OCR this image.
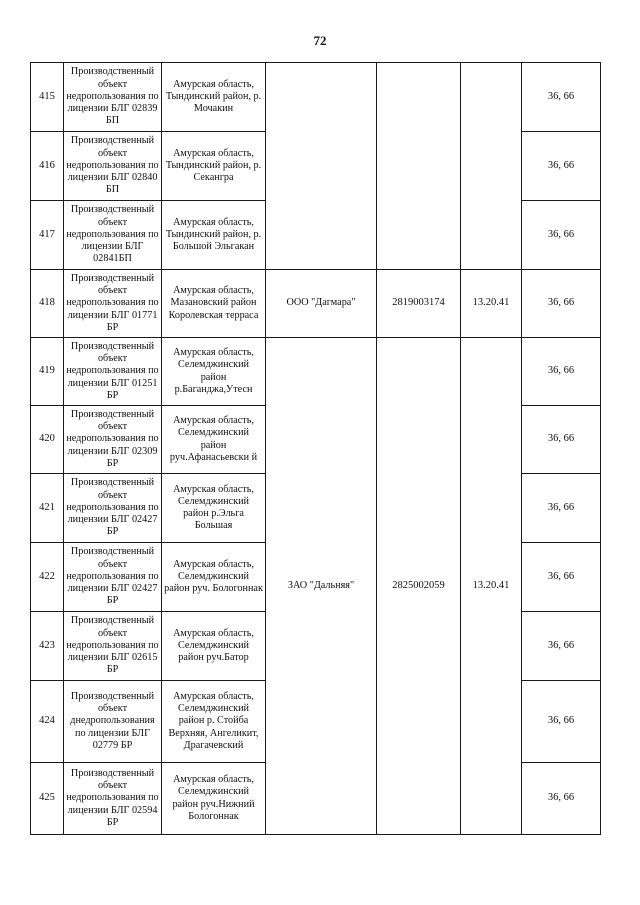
72
415	Производственный объект недропользования по лицензии БЛГ 02839 БП	Амурская область, Тындинский район, р. Мочакин				36, 66
416	Производственный объект недропользования по лицензии БЛГ 02840 БП	Амурская область, Тындинский район, р. Секангра				36, 66
417	Производственный объект недропользования по лицензии БЛГ 02841БП	Амурская область, Тындинский район, р. Большой Эльгакан				36, 66
418	Производственный объект недропользования по лицензии БЛГ 01771 БР	Амурская область, Мазановский район Королевская терраса	ООО "Дагмара"	2819003174	13.20.41	36, 66
419	Производственный объект недропользования по лицензии БЛГ 01251 БР	Амурская область, Селемджинский район р.Баганджа,Утесн	ЗАО "Дальняя"	2825002059	13.20.41	36, 66
420	Производственный объект недропользования по лицензии БЛГ 02309 БР	Амурская область, Селемджинский район руч.Афанасьевски й				36, 66
421	Производственный объект недропользования по лицензии БЛГ 02427 БР	Амурская область, Селемджинский район р.Эльга Большая				36, 66
422	Производственный объект недропользования по лицензии БЛГ 02427 БР	Амурская область, Селемджинский район руч. Бологоннак				36, 66
423	Производственный объект недропользования по лицензии БЛГ 02615 БР	Амурская область, Селемджинский район руч.Батор				36, 66
424	Производственный объект днедропользования по лицензии БЛГ 02779 БР	Амурская область, Селемджинский район р. Стойба Верхняя, Ангеликит, Драгачевский				36, 66
425	Производственный объект недропользования по лицензии БЛГ 02594 БР	Амурская область, Селемджинский район руч.Нижний Бологоннак				36, 66
